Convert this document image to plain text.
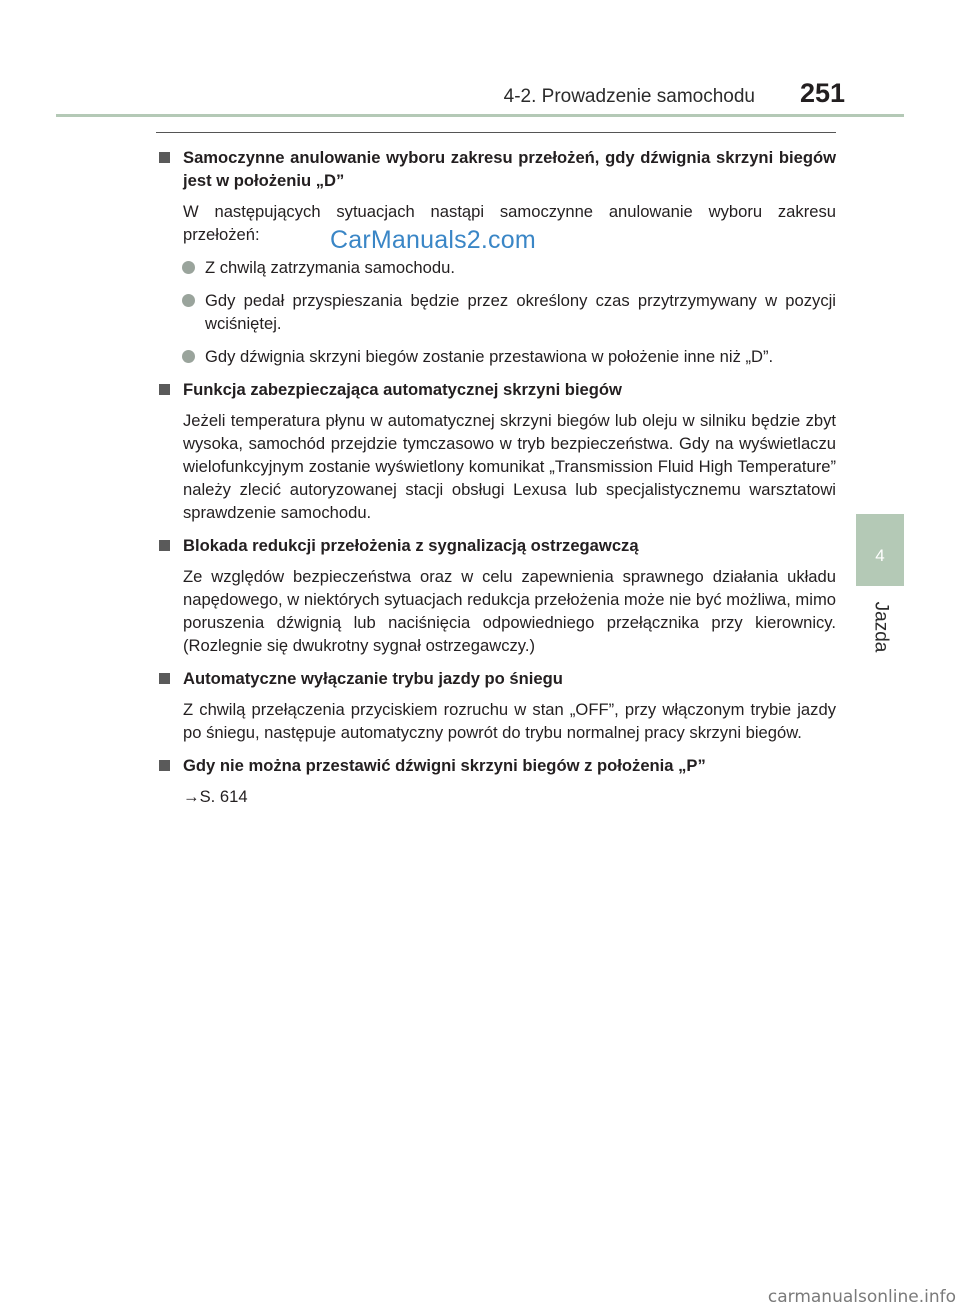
4-2. Prowadzenie samochodu 251
4
Jazda
CarManuals2.com
Samoczynne anulowanie wyboru zakresu przełożeń, gdy dźwignia skrzyni biegów jest w położeniu „D”
W następujących sytuacjach nastąpi samoczynne anulowanie wyboru zakresu przełożeń:
Z chwilą zatrzymania samochodu.
Gdy pedał przyspieszania będzie przez określony czas przytrzymywany w pozycji wciśniętej.
Gdy dźwignia skrzyni biegów zostanie przestawiona w położenie inne niż „D”.
Funkcja zabezpieczająca automatycznej skrzyni biegów
Jeżeli temperatura płynu w automatycznej skrzyni biegów lub oleju w silniku będzie zbyt wysoka, samochód przejdzie tymczasowo w tryb bezpieczeństwa. Gdy na wyświetlaczu wielofunkcyjnym zostanie wyświetlony komunikat „Transmission Fluid High Temperature” należy zlecić autoryzowanej stacji obsługi Lexusa lub specjalistycznemu warsztatowi sprawdzenie samochodu.
Blokada redukcji przełożenia z sygnalizacją ostrzegawczą
Ze względów bezpieczeństwa oraz w celu zapewnienia sprawnego działania układu napędowego, w niektórych sytuacjach redukcja przełożenia może nie być możliwa, mimo poruszenia dźwignią lub naciśnięcia odpowiedniego przełącznika przy kierownicy. (Rozlegnie się dwukrotny sygnał ostrzegawczy.)
Automatyczne wyłączanie trybu jazdy po śniegu
Z chwilą przełączenia przyciskiem rozruchu w stan „OFF”, przy włączonym trybie jazdy po śniegu, następuje automatyczny powrót do trybu normalnej pracy skrzyni biegów.
Gdy nie można przestawić dźwigni skrzyni biegów z położenia „P”
→S. 614
carmanualsonline.info
